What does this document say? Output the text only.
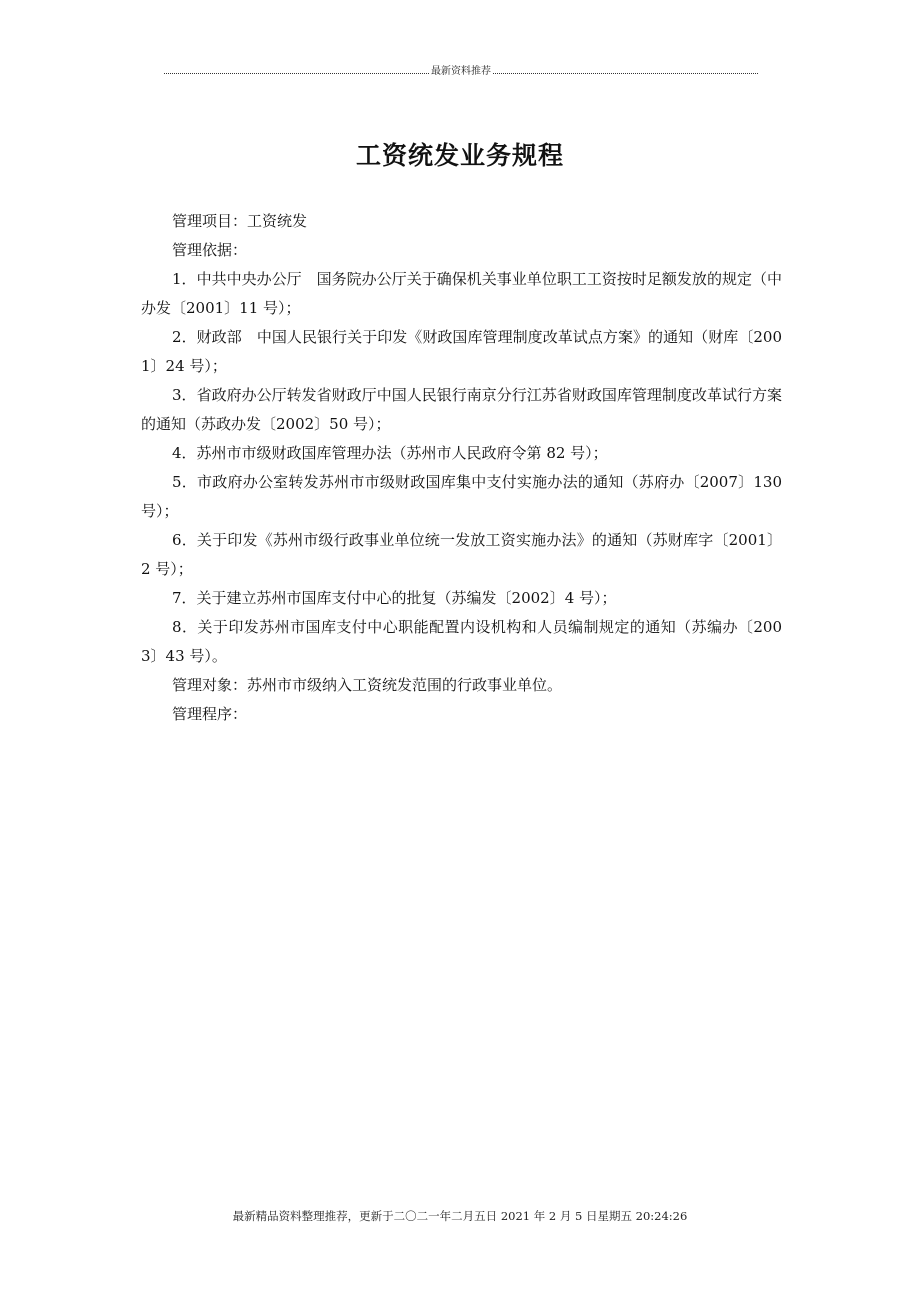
最新资料推荐
工资统发业务规程

管理项目：工资统发

管理依据：

1．中共中央办公厅　国务院办公厅关于确保机关事业单位职工工资按时足额发放的规定（中办发〔2001〕11 号）；

2．财政部　中国人民银行关于印发《财政国库管理制度改革试点方案》的通知（财库〔2001〕24 号）；

3．省政府办公厅转发省财政厅中国人民银行南京分行江苏省财政国库管理制度改革试行方案的通知（苏政办发〔2002〕50 号）；

4．苏州市市级财政国库管理办法（苏州市人民政府令第 82 号）；

5．市政府办公室转发苏州市市级财政国库集中支付实施办法的通知（苏府办〔2007〕130 号）；

6．关于印发《苏州市级行政事业单位统一发放工资实施办法》的通知（苏财库字〔2001〕2 号）；

7．关于建立苏州市国库支付中心的批复（苏编发〔2002〕4 号）；

8．关于印发苏州市国库支付中心职能配置内设机构和人员编制规定的通知（苏编办〔2003〕43 号）。

管理对象：苏州市市级纳入工资统发范围的行政事业单位。

管理程序：

最新精品资料整理推荐，更新于二〇二一年二月五日 2021 年 2 月 5 日星期五 20:24:26
